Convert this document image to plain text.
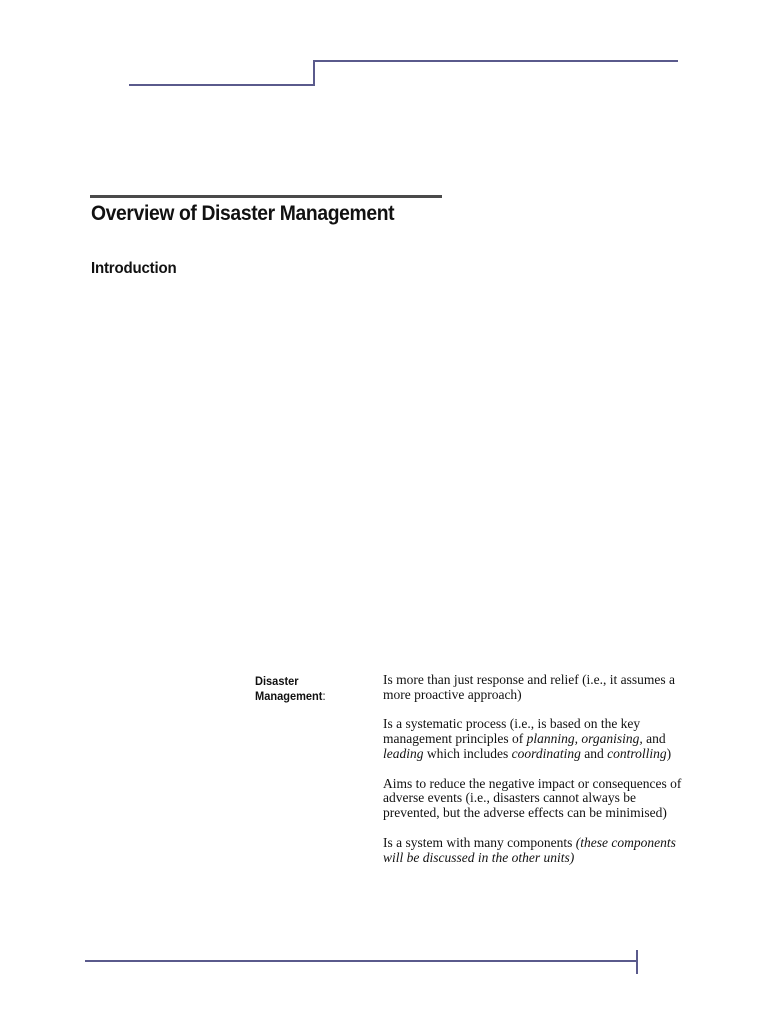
Overview of Disaster Management
Introduction
Disaster
Management:

Is more than just response and relief (i.e., it assumes a more proactive approach)

Is a systematic process (i.e., is based on the key management principles of planning, organising, and leading which includes coordinating and controlling)

Aims to reduce the negative impact or consequences of adverse events (i.e., disasters cannot always be prevented, but the adverse effects can be minimised)

Is a system with many components (these components will be discussed in the other units)
